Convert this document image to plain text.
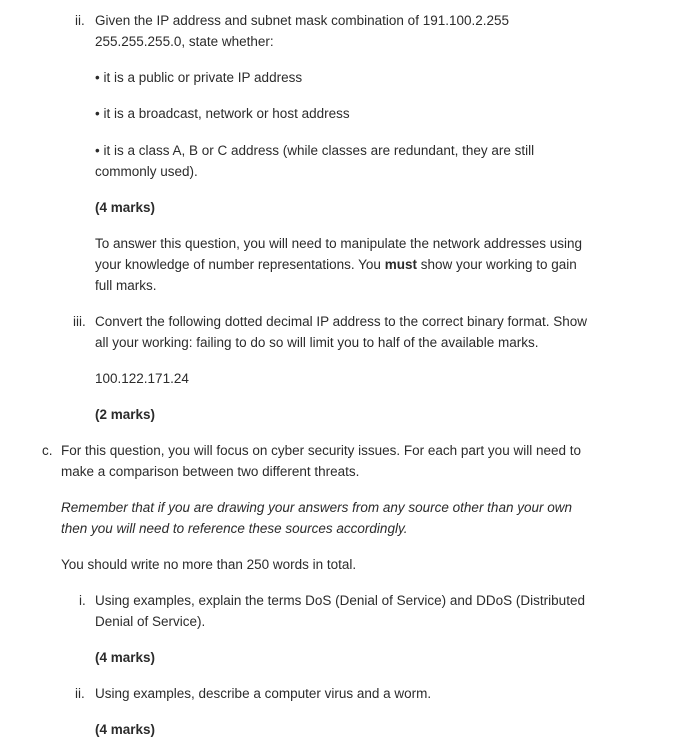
ii. Given the IP address and subnet mask combination of 191.100.2.255
255.255.255.0, state whether:
• it is a public or private IP address
• it is a broadcast, network or host address
• it is a class A, B or C address (while classes are redundant, they are still
commonly used).
(4 marks)
To answer this question, you will need to manipulate the network addresses using
your knowledge of number representations. You must show your working to gain
full marks.
iii. Convert the following dotted decimal IP address to the correct binary format. Show
all your working: failing to do so will limit you to half of the available marks.
100.122.171.24
(2 marks)
c. For this question, you will focus on cyber security issues. For each part you will need to
make a comparison between two different threats.
Remember that if you are drawing your answers from any source other than your own
then you will need to reference these sources accordingly.
You should write no more than 250 words in total.
i. Using examples, explain the terms DoS (Denial of Service) and DDoS (Distributed
Denial of Service).
(4 marks)
ii. Using examples, describe a computer virus and a worm.
(4 marks)
